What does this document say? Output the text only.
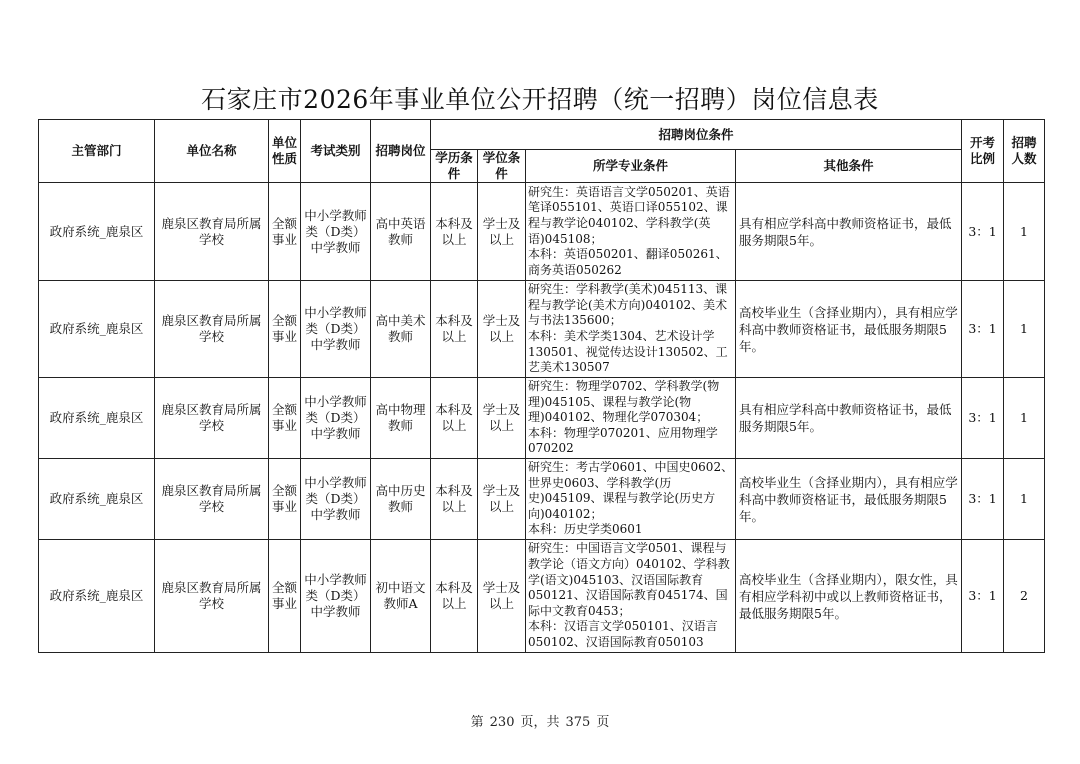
石家庄市2026年事业单位公开招聘（统一招聘）岗位信息表
主管部门	单位名称	单位性质	考试类别	招聘岗位	招聘岗位条件				开考比例	招聘人数
					学历条件	学位条件	所学专业条件	其他条件		
政府系统_鹿泉区	鹿泉区教育局所属学校	全额事业	中小学教师类（D类）中学教师	高中英语教师	本科及以上	学士及以上	研究生：英语语言文学050201、英语笔译055101、英语口译055102、课程与教学论040102、学科教学(英语)045108；
本科：英语050201、翻译050261、商务英语050262	具有相应学科高中教师资格证书，最低服务期限5年。	3：1	1
政府系统_鹿泉区	鹿泉区教育局所属学校	全额事业	中小学教师类（D类）中学教师	高中美术教师	本科及以上	学士及以上	研究生：学科教学(美术)045113、课程与教学论(美术方向)040102、美术与书法135600；
本科：美术学类1304、艺术设计学130501、视觉传达设计130502、工艺美术130507	高校毕业生（含择业期内），具有相应学科高中教师资格证书，最低服务期限5年。	3：1	1
政府系统_鹿泉区	鹿泉区教育局所属学校	全额事业	中小学教师类（D类）中学教师	高中物理教师	本科及以上	学士及以上	研究生：物理学0702、学科教学(物理)045105、课程与教学论(物理)040102、物理化学070304；
本科：物理学070201、应用物理学070202	具有相应学科高中教师资格证书，最低服务期限5年。	3：1	1
政府系统_鹿泉区	鹿泉区教育局所属学校	全额事业	中小学教师类（D类）中学教师	高中历史教师	本科及以上	学士及以上	研究生：考古学0601、中国史0602、世界史0603、学科教学(历史)045109、课程与教学论(历史方向)040102；
本科：历史学类0601	高校毕业生（含择业期内），具有相应学科高中教师资格证书，最低服务期限5年。	3：1	1
政府系统_鹿泉区	鹿泉区教育局所属学校	全额事业	中小学教师类（D类）中学教师	初中语文教师A	本科及以上	学士及以上	研究生：中国语言文学0501、课程与教学论（语文方向）040102、学科教学(语文)045103、汉语国际教育050121、汉语国际教育045174、国际中文教育0453；
本科：汉语言文学050101、汉语言050102、汉语国际教育050103	高校毕业生（含择业期内），限女性，具有相应学科初中或以上教师资格证书，最低服务期限5年。	3：1	2
第 230 页，共 375 页
